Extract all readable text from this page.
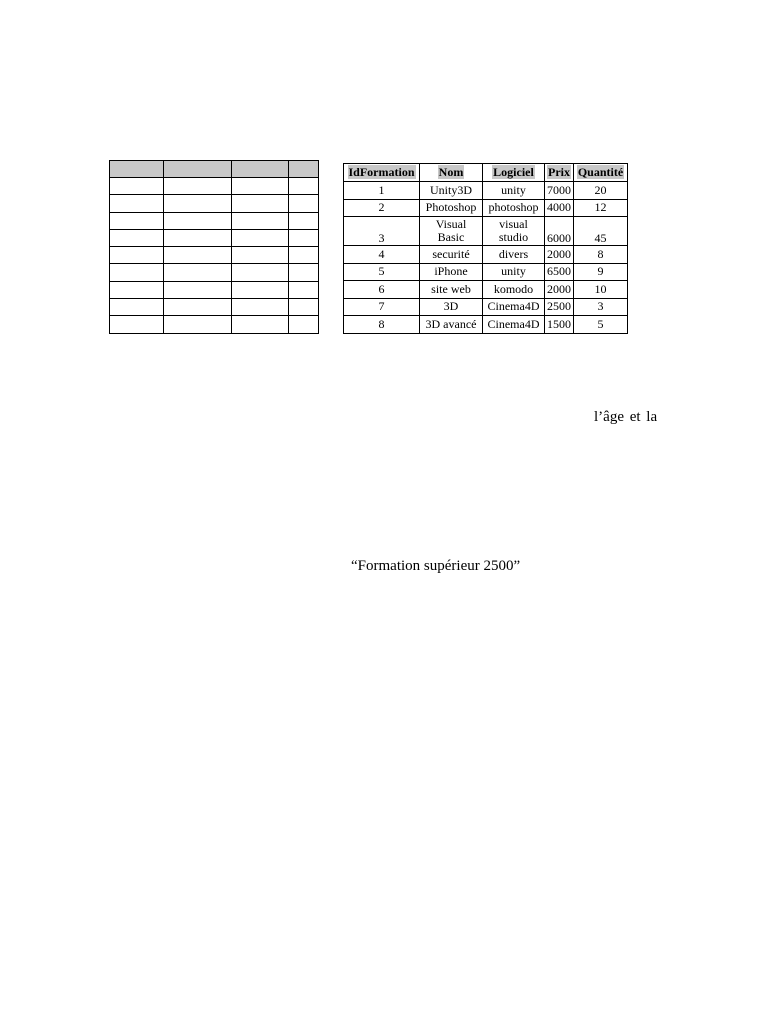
IdFormation	Nom	Logiciel	Prix	Quantité
1	Unity3D	unity	7000	20
2	Photoshop	photoshop	4000	12
3	Visual Basic	visual studio	6000	45
4	securité	divers	2000	8
5	iPhone	unity	6500	9
6	site web	komodo	2000	10
7	3D	Cinema4D	2500	3
8	3D avancé	Cinema4D	1500	5
l’âge et la
“Formation supérieur 2500”
